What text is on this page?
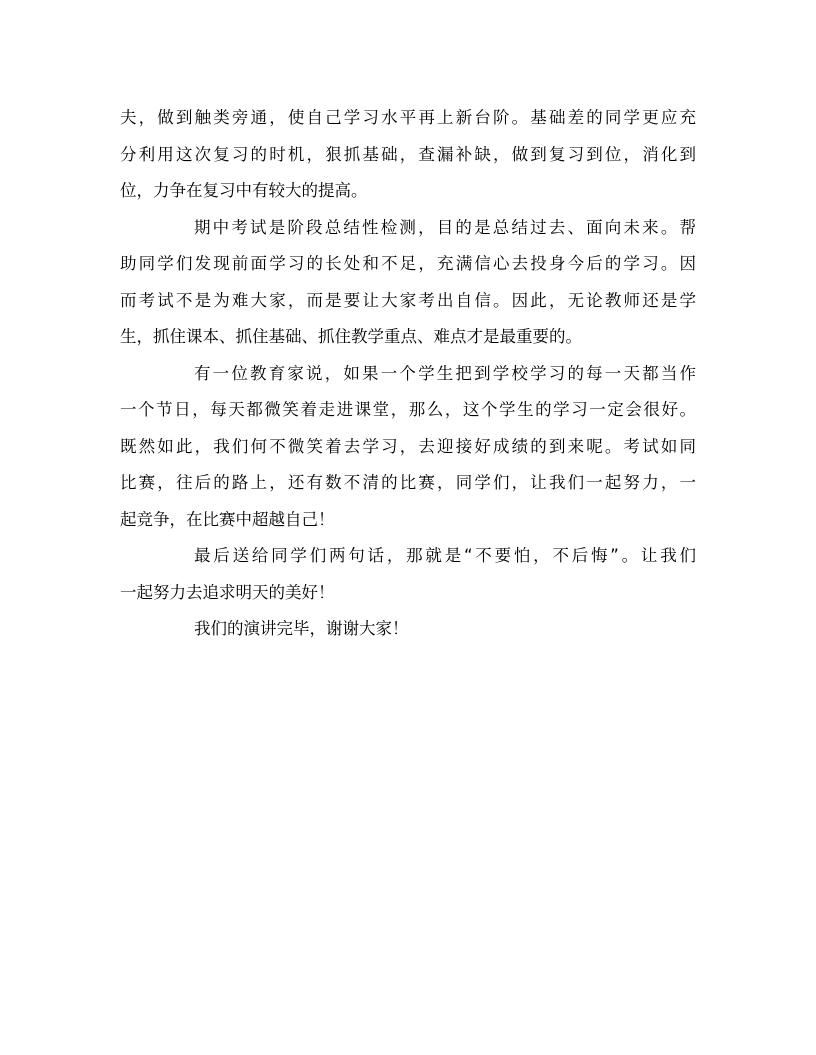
夫，做到触类旁通，使自己学习水平再上新台阶。基础差的同学更应充
分利用这次复习的时机，狠抓基础，查漏补缺，做到复习到位，消化到
位，力争在复习中有较大的提高。
期中考试是阶段总结性检测，目的是总结过去、面向未来。帮
助同学们发现前面学习的长处和不足，充满信心去投身今后的学习。因
而考试不是为难大家，而是要让大家考出自信。因此，无论教师还是学
生，抓住课本、抓住基础、抓住教学重点、难点才是最重要的。
有一位教育家说，如果一个学生把到学校学习的每一天都当作
一个节日，每天都微笑着走进课堂，那么，这个学生的学习一定会很好。
既然如此，我们何不微笑着去学习，去迎接好成绩的到来呢。考试如同
比赛，往后的路上，还有数不清的比赛，同学们，让我们一起努力，一
起竞争，在比赛中超越自己！
最后送给同学们两句话，那就是“不要怕，不后悔”。让我们
一起努力去追求明天的美好！
我们的演讲完毕，谢谢大家！
